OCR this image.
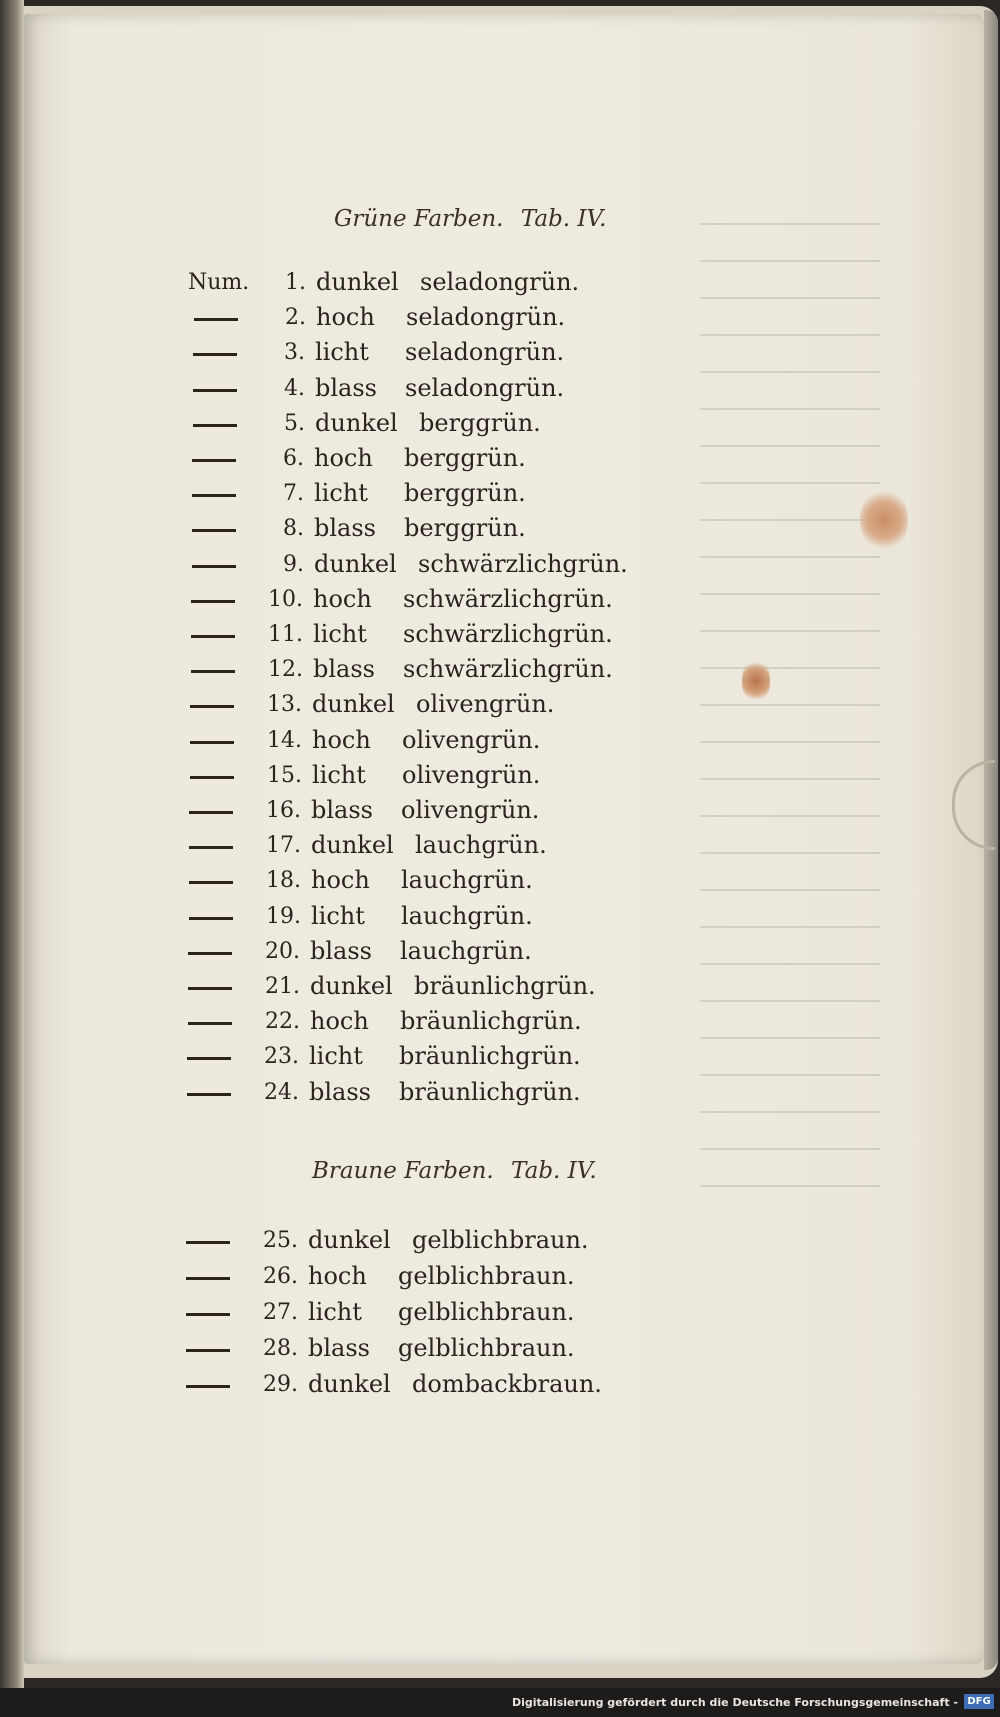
Grüne Farben. Tab. IV.
Num.	1. dunkel seladongrün.
2. hoch seladongrün.
3. licht seladongrün.
4. blass seladongrün.
5. dunkel berggrün.
6. hoch berggrün.
7. licht berggrün.
8. blass berggrün.
9. dunkel schwärzlichgrün.
10. hoch schwärzlichgrün.
11. licht schwärzlichgrün.
12. blass schwärzlichgrün.
13. dunkel olivengrün.
14. hoch olivengrün.
15. licht olivengrün.
16. blass olivengrün.
17. dunkel lauchgrün.
18. hoch lauchgrün.
19. licht lauchgrün.
20. blass lauchgrün.
21. dunkel bräunlichgrün.
22. hoch bräunlichgrün.
23. licht bräunlichgrün.
24. blass bräunlichgrün.
Braune Farben. Tab. IV.
25. dunkel gelblichbraun.
26. hoch gelblichbraun.
27. licht gelblichbraun.
28. blass gelblichbraun.
29. dunkel dombackbraun.
Digitalisierung gefördert durch die Deutsche Forschungsgemeinschaft - DFG
